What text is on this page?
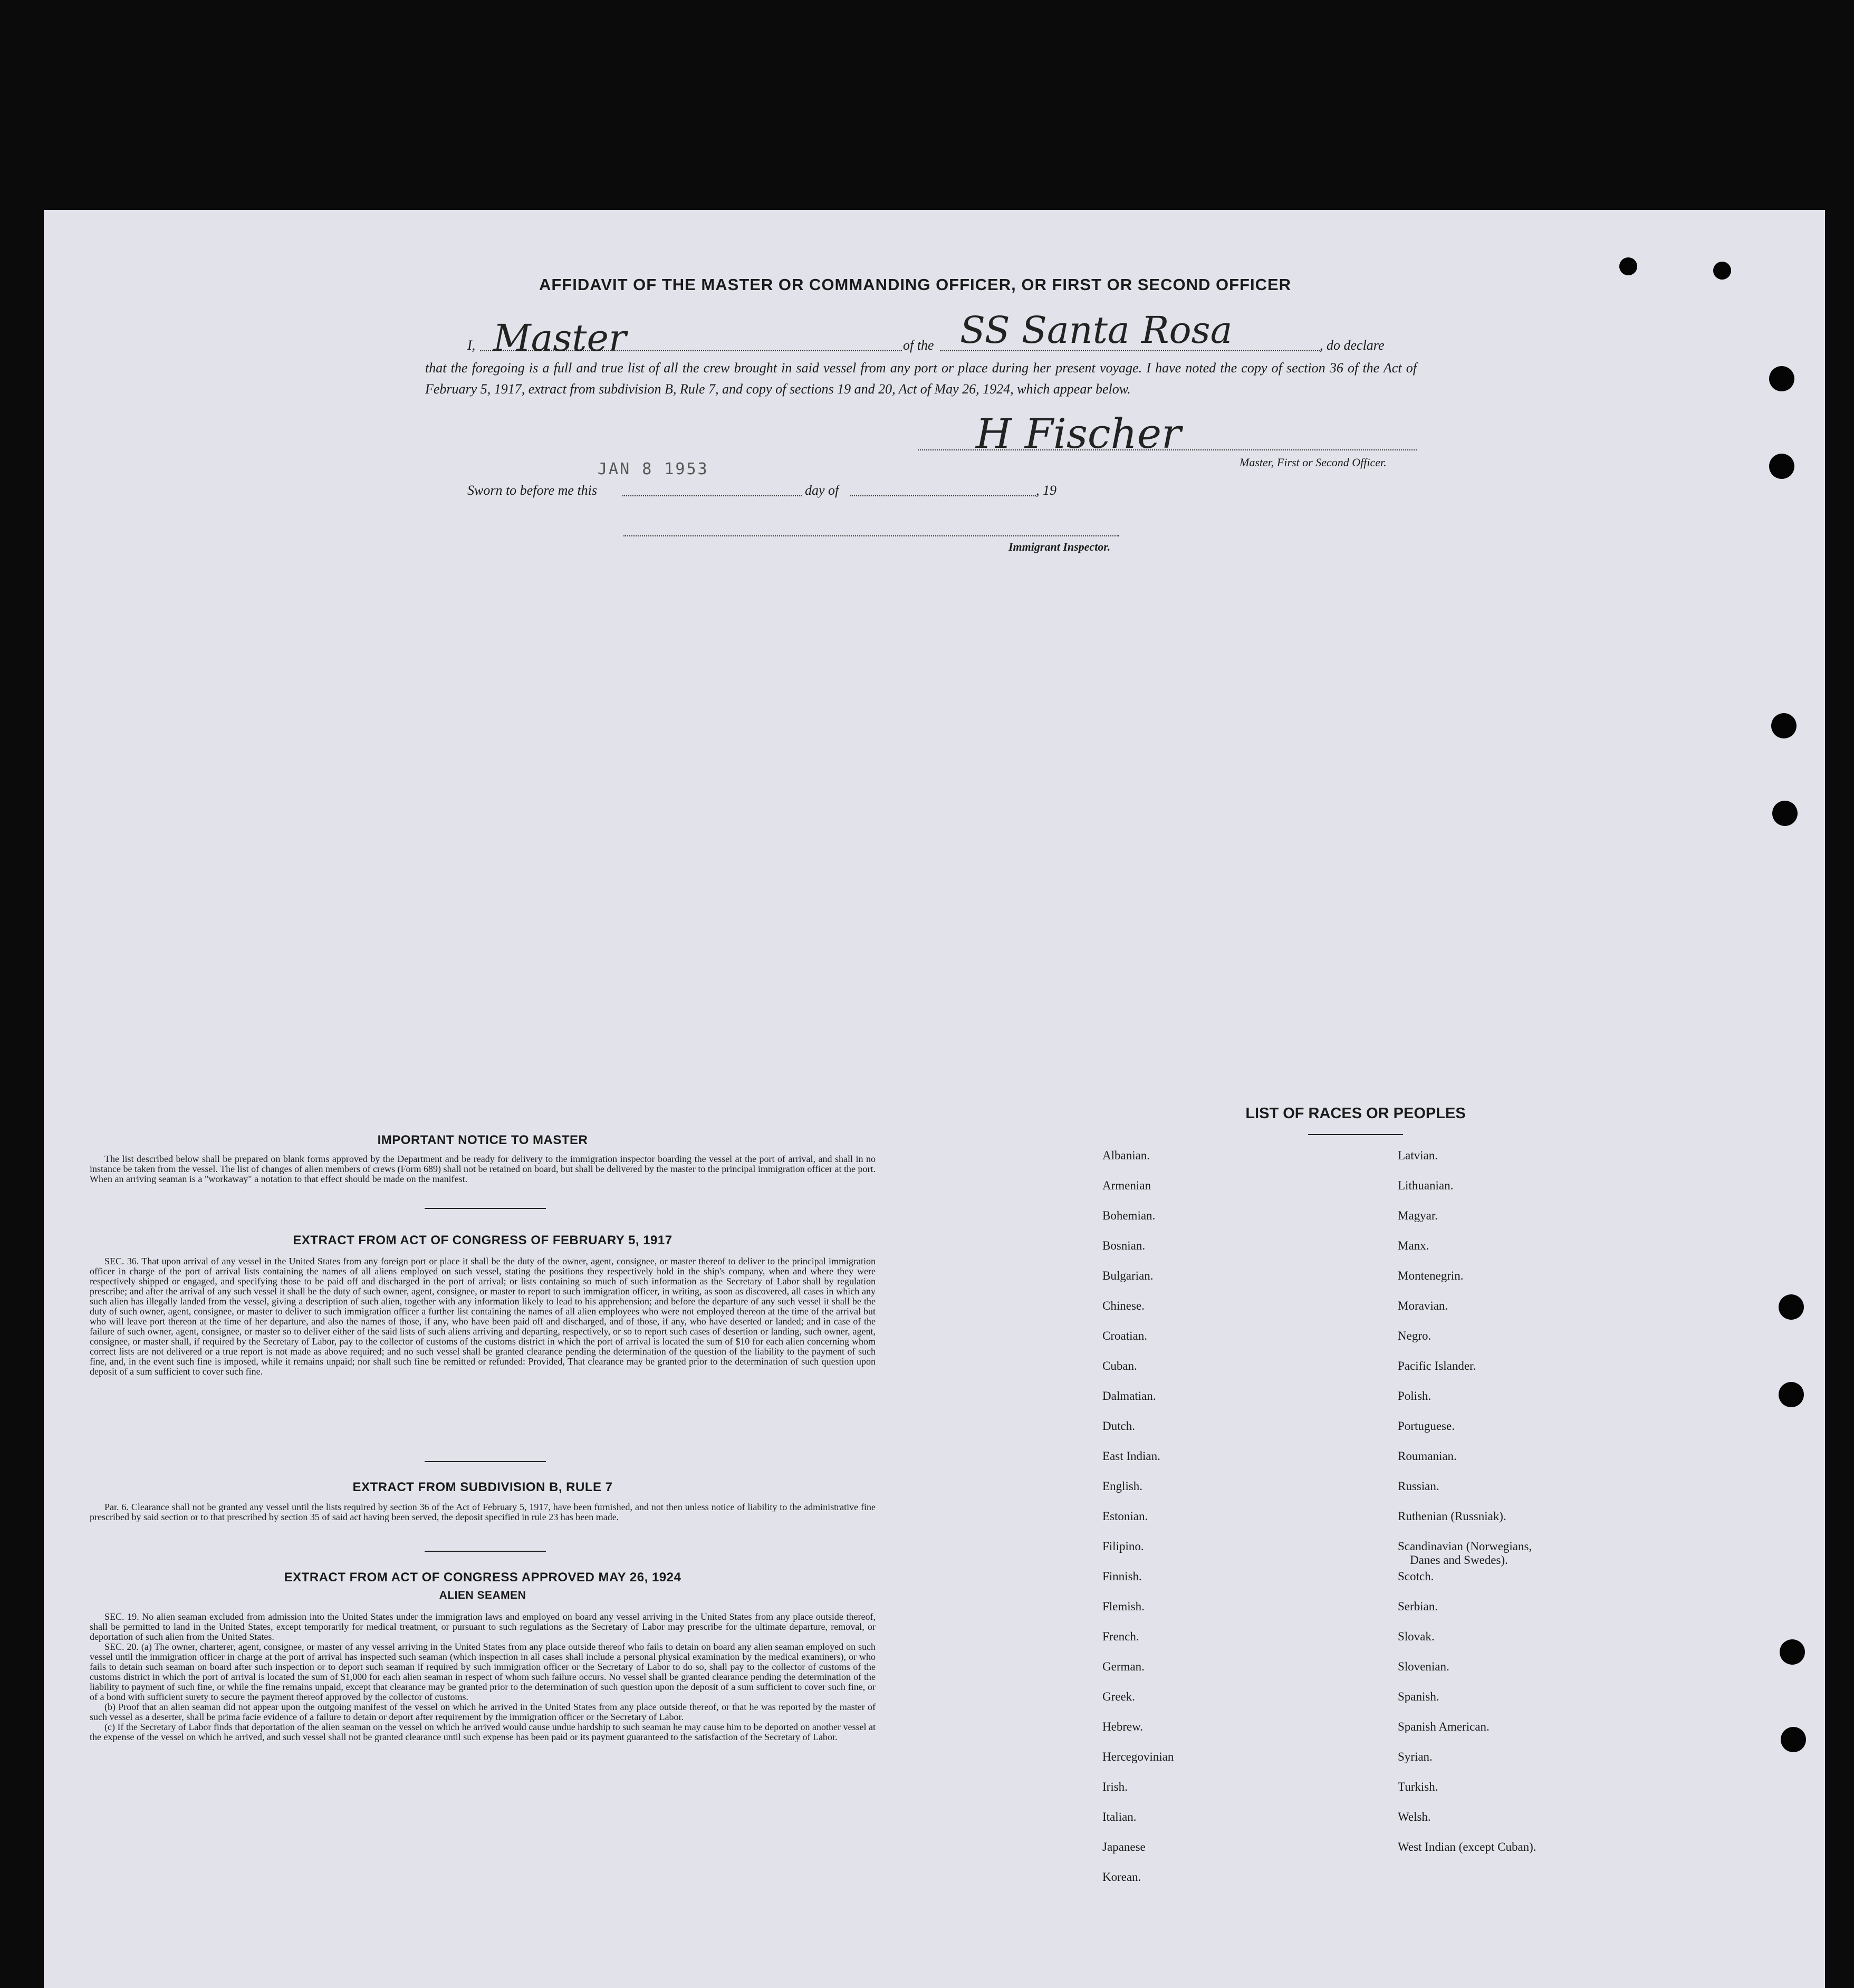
AFFIDAVIT OF THE MASTER OR COMMANDING OFFICER, OR FIRST OR SECOND OFFICER
I, Master	of the SS Santa Rosa	, do declare
that the foregoing is a full and true list of all the crew brought in said vessel from any port or place during her present voyage. I have noted the copy of section 36 of the Act of February 5, 1917, extract from subdivision B, Rule 7, and copy of sections 19 and 20, Act of May 26, 1924, which appear below.
H Fischer
Master, First or Second Officer.
JAN 8 1953
Sworn to before me this	day of	, 19
Immigrant Inspector.
IMPORTANT NOTICE TO MASTER

The list described below shall be prepared on blank forms approved by the Department and be ready for delivery to the immigration inspector boarding the vessel at the port of arrival, and shall in no instance be taken from the vessel. The list of changes of alien members of crews (Form 689) shall not be retained on board, but shall be delivered by the master to the principal immigration officer at the port. When an arriving seaman is a "workaway" a notation to that effect should be made on the manifest.

EXTRACT FROM ACT OF CONGRESS OF FEBRUARY 5, 1917

SEC. 36. That upon arrival of any vessel in the United States from any foreign port or place it shall be the duty of the owner, agent, consignee, or master thereof to deliver to the principal immigration officer in charge of the port of arrival lists containing the names of all aliens employed on such vessel, stating the positions they respectively hold in the ship's company, when and where they were respectively shipped or engaged, and specifying those to be paid off and discharged in the port of arrival; or lists containing so much of such information as the Secretary of Labor shall by regulation prescribe; and after the arrival of any such vessel it shall be the duty of such owner, agent, consignee, or master to report to such immigration officer, in writing, as soon as discovered, all cases in which any such alien has illegally landed from the vessel, giving a description of such alien, together with any information likely to lead to his apprehension; and before the departure of any such vessel it shall be the duty of such owner, agent, consignee, or master to deliver to such immigration officer a further list containing the names of all alien employees who were not employed thereon at the time of the arrival but who will leave port thereon at the time of her departure, and also the names of those, if any, who have been paid off and discharged, and of those, if any, who have deserted or landed; and in case of the failure of such owner, agent, consignee, or master so to deliver either of the said lists of such aliens arriving and departing, respectively, or so to report such cases of desertion or landing, such owner, agent, consignee, or master shall, if required by the Secretary of Labor, pay to the collector of customs of the customs district in which the port of arrival is located the sum of $10 for each alien concerning whom correct lists are not delivered or a true report is not made as above required; and no such vessel shall be granted clearance pending the determination of the question of the liability to the payment of such fine, and, in the event such fine is imposed, while it remains unpaid; nor shall such fine be remitted or refunded: Provided, That clearance may be granted prior to the determination of such question upon deposit of a sum sufficient to cover such fine.

EXTRACT FROM SUBDIVISION B, RULE 7

Par. 6. Clearance shall not be granted any vessel until the lists required by section 36 of the Act of February 5, 1917, have been furnished, and not then unless notice of liability to the administrative fine prescribed by said section or to that prescribed by section 35 of said act having been served, the deposit specified in rule 23 has been made.

EXTRACT FROM ACT OF CONGRESS APPROVED MAY 26, 1924
ALIEN SEAMEN

SEC. 19. No alien seaman excluded from admission into the United States under the immigration laws and employed on board any vessel arriving in the United States from any place outside thereof, shall be permitted to land in the United States, except temporarily for medical treatment, or pursuant to such regulations as the Secretary of Labor may prescribe for the ultimate departure, removal, or deportation of such alien from the United States.

SEC. 20. (a) The owner, charterer, agent, consignee, or master of any vessel arriving in the United States from any place outside thereof who fails to detain on board any alien seaman employed on such vessel until the immigration officer in charge at the port of arrival has inspected such seaman (which inspection in all cases shall include a personal physical examination by the medical examiners), or who fails to detain such seaman on board after such inspection or to deport such seaman if required by such immigration officer or the Secretary of Labor to do so, shall pay to the collector of customs of the customs district in which the port of arrival is located the sum of $1,000 for each alien seaman in respect of whom such failure occurs. No vessel shall be granted clearance pending the determination of the liability to payment of such fine, or while the fine remains unpaid, except that clearance may be granted prior to the determination of such question upon the deposit of a sum sufficient to cover such fine, or of a bond with sufficient surety to secure the payment thereof approved by the collector of customs.

(b) Proof that an alien seaman did not appear upon the outgoing manifest of the vessel on which he arrived in the United States from any place outside thereof, or that he was reported by the master of such vessel as a deserter, shall be prima facie evidence of a failure to detain or deport after requirement by the immigration officer or the Secretary of Labor.

(c) If the Secretary of Labor finds that deportation of the alien seaman on the vessel on which he arrived would cause undue hardship to such seaman he may cause him to be deported on another vessel at the expense of the vessel on which he arrived, and such vessel shall not be granted clearance until such expense has been paid or its payment guaranteed to the satisfaction of the Secretary of Labor.

LIST OF RACES OR PEOPLES
Albanian.
Armenian
Bohemian.
Bosnian.
Bulgarian.
Chinese.
Croatian.
Cuban.
Dalmatian.
Dutch.
East Indian.
English.
Estonian.
Filipino.
Finnish.
Flemish.
French.
German.
Greek.
Hebrew.
Hercegovinian
Irish.
Italian.
Japanese
Korean.
Latvian.
Lithuanian.
Magyar.
Manx.
Montenegrin.
Moravian.
Negro.
Pacific Islander.
Polish.
Portuguese.
Roumanian.
Russian.
Ruthenian (Russniak).
Scandinavian (Norwegians,
Danes and Swedes).
Scotch.
Serbian.
Slovak.
Slovenian.
Spanish.
Spanish American.
Syrian.
Turkish.
Welsh.
West Indian (except Cuban).
